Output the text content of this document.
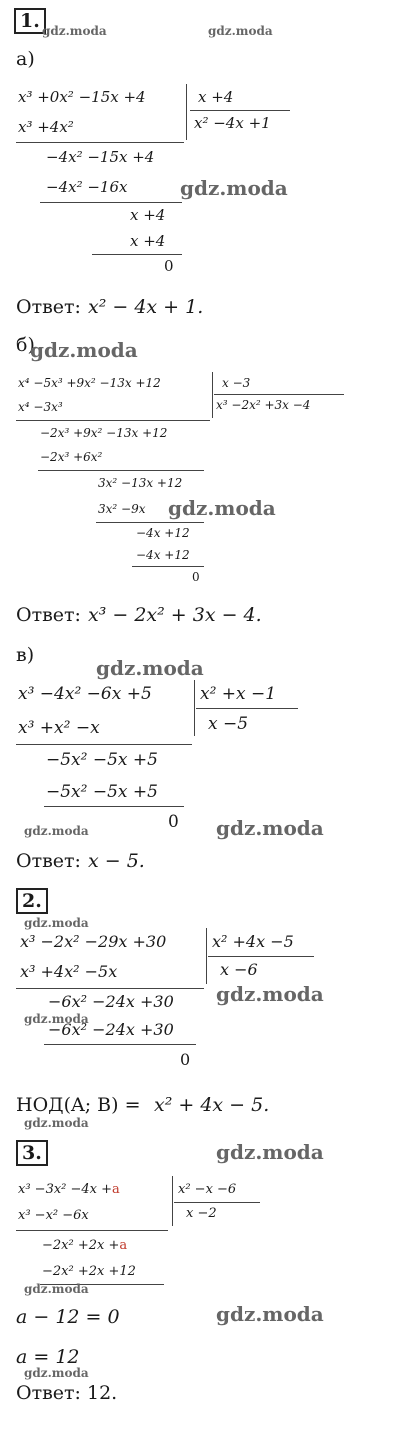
1. gdz.moda	gdz.moda
а)
x³ +0x² −15x +4	x +4
x² −4x +1
x³ +4x²
−4x² −15x +4
−4x² −16x	gdz.moda
x +4
x +4
0
Ответ: x² − 4x + 1.
б)
gdz.moda
x⁴ −5x³ +9x² −13x +12	x −3
x³ −2x² +3x −4
x⁴ −3x³
−2x³ +9x² −13x +12
−2x³ +6x²
3x² −13x +12
3x² −9x gdz.moda
−4x +12
−4x +12
0
Ответ: x³ − 2x² + 3x − 4.
в)
gdz.moda
x³ −4x² −6x +5	x² +x −1
x −5
x³ +x² −x
−5x² −5x +5
−5x² −5x +5
0
gdz.moda	gdz.moda
Ответ: x − 5.
2.
gdz.moda
x³ −2x² −29x +30	x² +4x −5
x −6
x³ +4x² −5x
gdz.moda
−6x² −24x +30
gdz.moda
−6x² −24x +30
0
НОД(A; B) = x² + 4x − 5.
gdz.moda
3.	gdz.moda
x³ −3x² −4x +a	x² −x −6
x −2
x³ −x² −6x
−2x² +2x +a
−2x² +2x +12
gdz.moda
a − 12 = 0	gdz.moda
a = 12
gdz.moda
Ответ: 12.
